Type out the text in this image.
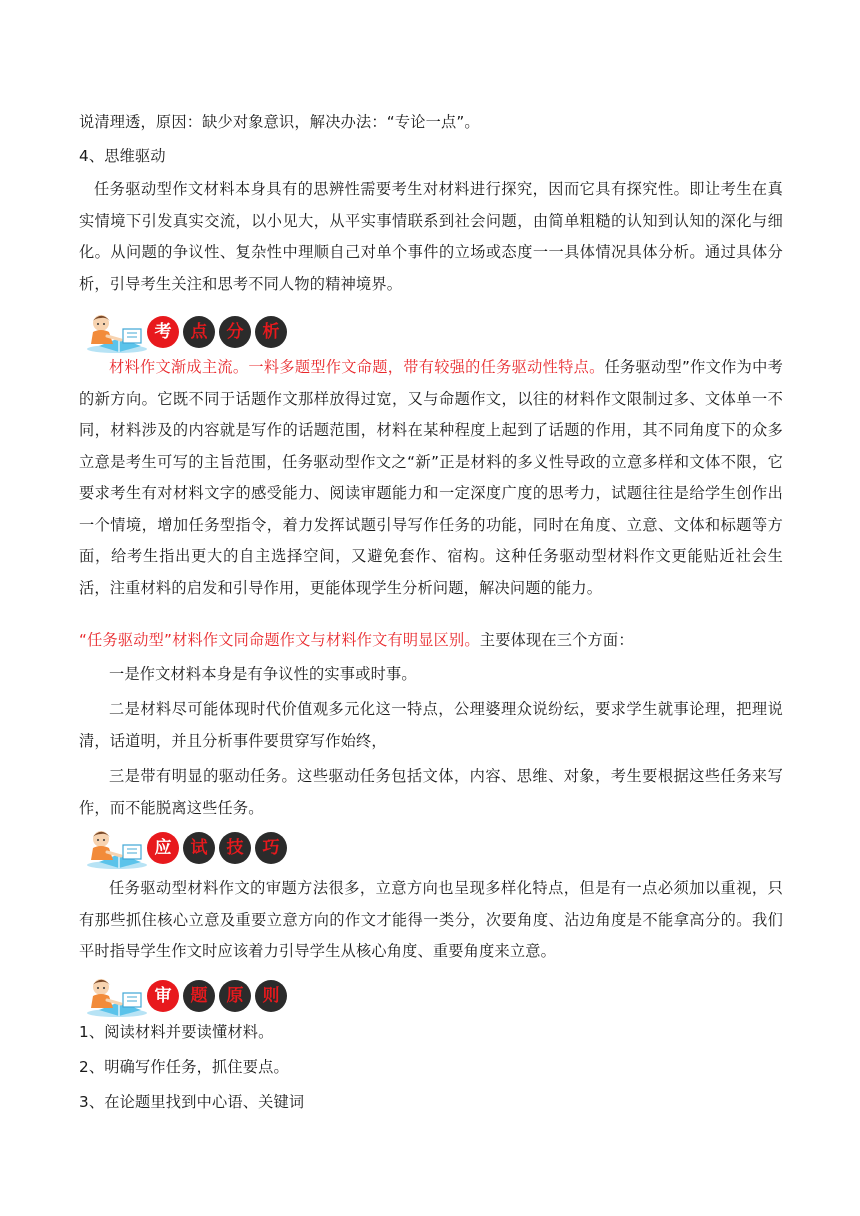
说清理透，原因：缺少对象意识，解决办法：“专论一点”。

4、思维驱动

任务驱动型作文材料本身具有的思辨性需要考生对材料进行探究，因而它具有探究性。即让考生在真实情境下引发真实交流，以小见大，从平实事情联系到社会问题，由简单粗糙的认知到认知的深化与细化。从问题的争议性、复杂性中理顺自己对单个事件的立场或态度一一具体情况具体分析。通过具体分析，引导考生关注和思考不同人物的精神境界。

考	点	分	析

材料作文渐成主流。一料多题型作文命题，带有较强的任务驱动性特点。任务驱动型”作文作为中考的新方向。它既不同于话题作文那样放得过宽，又与命题作文，以往的材料作文限制过多、文体单一不同，材料涉及的内容就是写作的话题范围，材料在某种程度上起到了话题的作用，其不同角度下的众多立意是考生可写的主旨范围，任务驱动型作文之“新”正是材料的多义性导政的立意多样和文体不限，它要求考生有对材料文字的感受能力、阅读审题能力和一定深度广度的思考力，试题往往是给学生创作出一个情境，增加任务型指令，着力发挥试题引导写作任务的功能，同时在角度、立意、文体和标题等方面，给考生指出更大的自主选择空间，又避免套作、宿构。这种任务驱动型材料作文更能贴近社会生活，注重材料的启发和引导作用，更能体现学生分析问题，解决问题的能力。

“任务驱动型”材料作文同命题作文与材料作文有明显区别。主要体现在三个方面：

一是作文材料本身是有争议性的实事或时事。

二是材料尽可能体现时代价值观多元化这一特点，公理婆理众说纷纭，要求学生就事论理，把理说清，话道明，并且分析事件要贯穿写作始终，

三是带有明显的驱动任务。这些驱动任务包括文体，内容、思维、对象，考生要根据这些任务来写作，而不能脱离这些任务。

应	试	技	巧

任务驱动型材料作文的审题方法很多，立意方向也呈现多样化特点，但是有一点必须加以重视，只有那些抓住核心立意及重要立意方向的作文才能得一类分，次要角度、沾边角度是不能拿高分的。我们平时指导学生作文时应该着力引导学生从核心角度、重要角度来立意。

审	题	原	则

1、阅读材料并要读懂材料。

2、明确写作任务，抓住要点。

3、在论题里找到中心语、关键词
